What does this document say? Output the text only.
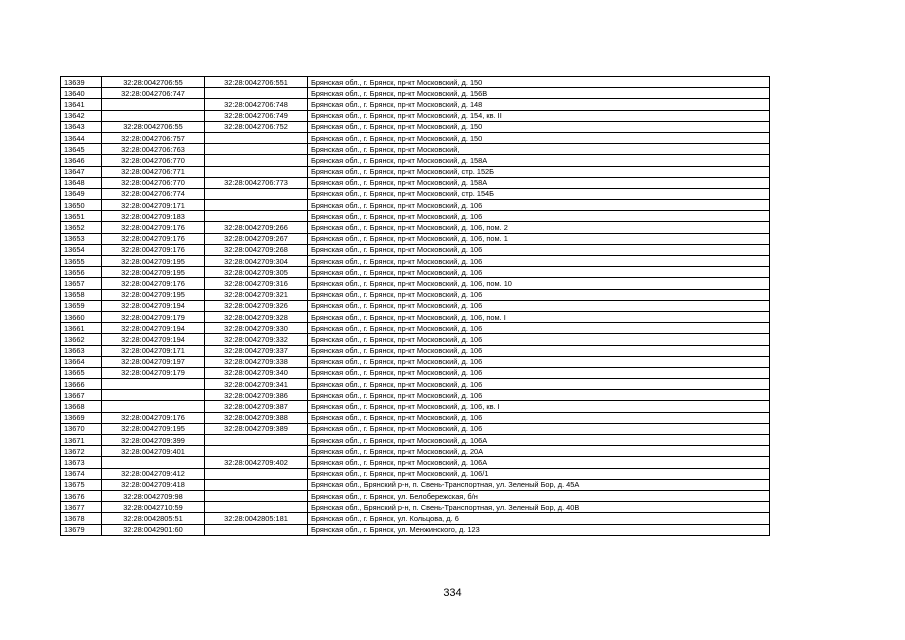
13639	32:28:0042706:55	32:28:0042706:551	Брянская обл., г. Брянск, пр-кт Московский, д. 150
13640	32:28:0042706:747		Брянская обл., г. Брянск, пр-кт Московский, д. 156В
13641		32:28:0042706:748	Брянская обл., г. Брянск, пр-кт Московский, д. 148
13642		32:28:0042706:749	Брянская обл., г. Брянск, пр-кт Московский, д. 154, кв. II
13643	32:28:0042706:55	32:28:0042706:752	Брянская обл., г. Брянск, пр-кт Московский, д. 150
13644	32:28:0042706:757		Брянская обл., г. Брянск, пр-кт Московский, д. 150
13645	32:28:0042706:763		Брянская обл., г. Брянск, пр-кт Московский,
13646	32:28:0042706:770		Брянская обл., г. Брянск, пр-кт Московский, д. 158А
13647	32:28:0042706:771		Брянская обл., г. Брянск, пр-кт Московский, стр. 152Б
13648	32:28:0042706:770	32:28:0042706:773	Брянская обл., г. Брянск, пр-кт Московский, д. 158А
13649	32:28:0042706:774		Брянская обл., г. Брянск, пр-кт Московский, стр. 154Б
13650	32:28:0042709:171		Брянская обл., г. Брянск, пр-кт Московский, д. 106
13651	32:28:0042709:183		Брянская обл., г. Брянск, пр-кт Московский, д. 106
13652	32:28:0042709:176	32:28:0042709:266	Брянская обл., г. Брянск, пр-кт Московский, д. 106, пом. 2
13653	32:28:0042709:176	32:28:0042709:267	Брянская обл., г. Брянск, пр-кт Московский, д. 106, пом. 1
13654	32:28:0042709:176	32:28:0042709:268	Брянская обл., г. Брянск, пр-кт Московский, д. 106
13655	32:28:0042709:195	32:28:0042709:304	Брянская обл., г. Брянск, пр-кт Московский, д. 106
13656	32:28:0042709:195	32:28:0042709:305	Брянская обл., г. Брянск, пр-кт Московский, д. 106
13657	32:28:0042709:176	32:28:0042709:316	Брянская обл., г. Брянск, пр-кт Московский, д. 106, пом. 10
13658	32:28:0042709:195	32:28:0042709:321	Брянская обл., г. Брянск, пр-кт Московский, д. 106
13659	32:28:0042709:194	32:28:0042709:326	Брянская обл., г. Брянск, пр-кт Московский, д. 106
13660	32:28:0042709:179	32:28:0042709:328	Брянская обл., г. Брянск, пр-кт Московский, д. 106, пом. I
13661	32:28:0042709:194	32:28:0042709:330	Брянская обл., г. Брянск, пр-кт Московский, д. 106
13662	32:28:0042709:194	32:28:0042709:332	Брянская обл., г. Брянск, пр-кт Московский, д. 106
13663	32:28:0042709:171	32:28:0042709:337	Брянская обл., г. Брянск, пр-кт Московский, д. 106
13664	32:28:0042709:197	32:28:0042709:338	Брянская обл., г. Брянск, пр-кт Московский, д. 106
13665	32:28:0042709:179	32:28:0042709:340	Брянская обл., г. Брянск, пр-кт Московский, д. 106
13666		32:28:0042709:341	Брянская обл., г. Брянск, пр-кт Московский, д. 106
13667		32:28:0042709:386	Брянская обл., г. Брянск, пр-кт Московский, д. 106
13668		32:28:0042709:387	Брянская обл., г. Брянск, пр-кт Московский, д. 106, кв. I
13669	32:28:0042709:176	32:28:0042709:388	Брянская обл., г. Брянск, пр-кт Московский, д. 106
13670	32:28:0042709:195	32:28:0042709:389	Брянская обл., г. Брянск, пр-кт Московский, д. 106
13671	32:28:0042709:399		Брянская обл., г. Брянск, пр-кт Московский, д. 106А
13672	32:28:0042709:401		Брянская обл., г. Брянск, пр-кт Московский, д. 20А
13673		32:28:0042709:402	Брянская обл., г. Брянск, пр-кт Московский, д. 106А
13674	32:28:0042709:412		Брянская обл., г. Брянск, пр-кт Московский, д. 106/1
13675	32:28:0042709:418		Брянская обл., Брянский р-н, п. Свень-Транспортная, ул. Зеленый Бор, д. 45А
13676	32:28:0042709:98		Брянская обл., г. Брянск, ул. Белобережская, б/н
13677	32:28:0042710:59		Брянская обл., Брянский р-н, п. Свень-Транспортная, ул. Зеленый Бор, д. 40В
13678	32:28:0042805:51	32:28:0042805:181	Брянская обл., г. Брянск, ул. Кольцова, д. 6
13679	32:28:0042901:60		Брянская обл., г. Брянск, ул. Менжинского, д. 123
334
